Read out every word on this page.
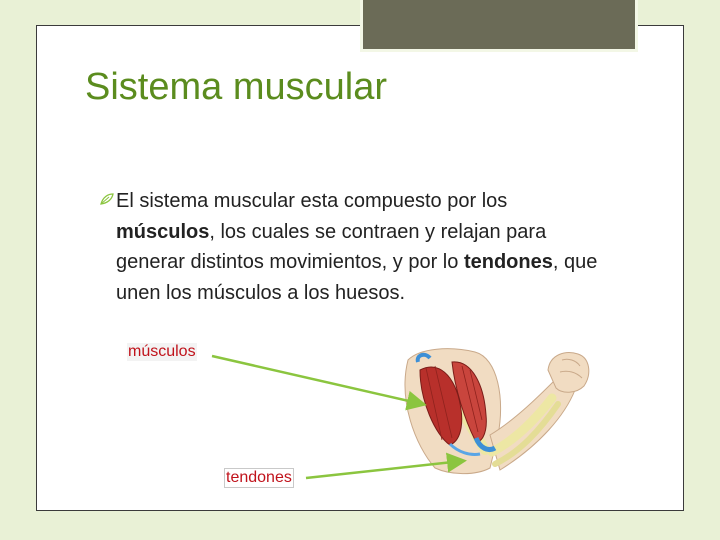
Sistema muscular

El sistema muscular esta compuesto por los músculos, los cuales se contraen y relajan para generar distintos movimientos, y por lo tendones, que unen los músculos a los huesos.

músculos
tendones
